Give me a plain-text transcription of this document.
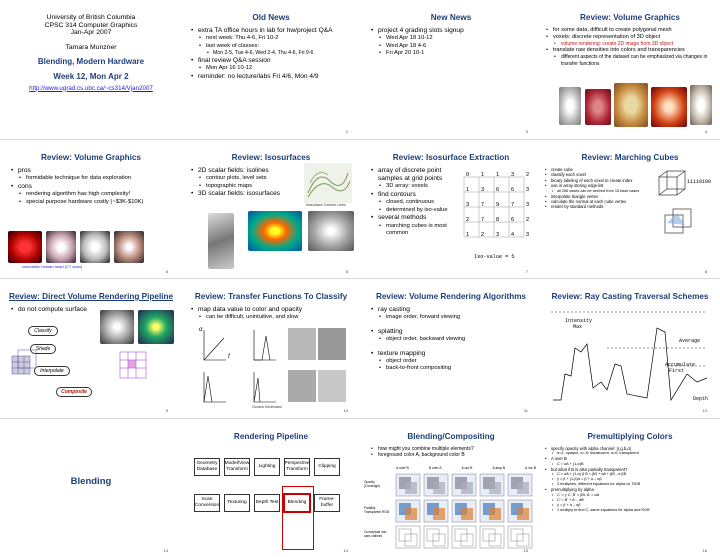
University of British Columbia
CPSC 314 Computer Graphics
Jan-Apr 2007
Tamara Munzner
Blending, Modern Hardware
Week 12, Mon Apr 2
http://www.ugrad.cs.ubc.ca/~cs314/Vjan2007
Old News
• extra TA office hours in lab for hw/project Q&A
• next week: Thu 4-6, Fri 10-2
• last week of classes:
• Mon 2-5, Tue 4-6, Wed 2-4, Thu 4-6, Fri 9-6
• final review Q&A session
• Mon Apr 16 10-12
• reminder: no lecture/labs Fri 4/6, Mon 4/9
2
New News
• project 4 grading slots signup
• Wed Apr 18 10-12
• Wed Apr 18 4-6
• Fri Apr 20 10-1
3
Review: Volume Graphics
• for some data, difficult to create polygonal mesh
• voxels: discrete representation of 3D object
• volume rendering: create 2D image from 3D object
• translate raw densities into colors and transparencies
• different aspects of the dataset can be emphasized via changes in transfer functions
4
Review: Volume Graphics
• pros
• formidable technique for data exploration
• cons
• rendering algorithm has high complexity!
• special purpose hardware costly (~$3K-$10K)
volumetric human head (CT scan)
5
Review: Isosurfaces
• 2D scalar fields: isolines
• contour plots, level sets
• topographic maps
• 3D scalar fields: isosurfaces
Isosurface Contour Lines
6
Review: Isosurface Extraction
• array of discrete point samples at grid points
• 3D array: voxels
• find contours
• closed, continuous
• determined by iso-value
• several methods
• marching cubes is most common
0 1 1 3 2
1 3 6 6 3
3 7 9 7 3
2 7 8 6 2
1 2 3 4 3
Iso-value = 5
7
Review: Marching Cubes
• create cube
• classify each voxel
• binary labeling of each voxel to create index
• use in array storing edge list
• all 256 cases can be derived from 15 base cases
• interpolate triangle vertex
• calculate the normal at each cube vertex
• render by standard methods
11110100
8
Review: Direct Volume Rendering Pipeline
• do not compute surface
Classify
Shade
Interpolate
Composite
9
Review: Transfer Functions To Classify
• map data value to color and opacity
• can be difficult, unintuitive, and slow
α
f
Gordon Kindlmann
10
Review: Volume Rendering Algorithms
• ray casting
• image order, forward viewing
• splatting
• object order, backward viewing
• texture mapping
• object order
• back-to-front compositing
11
Review: Ray Casting Traversal Schemes
Intensity
Max
Average
Accumulate
First
Depth
12
Blending
13
Rendering Pipeline
Geometry Database
Model/View Transform
Lighting
Perspective Transform
Clipping
Scan Conversion
Texturing	Depth Test	Blending
Frame-buffer
14
Blending/Compositing
• how might you combine multiple elements?
• foreground color A, background color B
A over B	B over A	A out B	A atop B	A xor B
Opacity (Coverage)
Partially Transparent RGB
Conceptual non-card outlines
15
Premultiplying Colors
• specify opacity with alpha channel: (r,g,b,α)
• α=1: opaque, α=.5: translucent, α=0: transparent
• A over B
• C = αA + (1-α)B
• but what if B is also partially transparent?
• C = αA + (1-α) β B = βB + αA + βB - α βB
• γ = β + (1-β)α = β + α – αβ
• 3 multiplies, different equations for alpha vs. RGB
• premultiplying by alpha
• C' = γ C, B' = βB, A' = αA
• C' = B' + A' - αB'
• γ = β + α – αβ
• 1 multiply to find C, same equations for alpha and RGB
16
